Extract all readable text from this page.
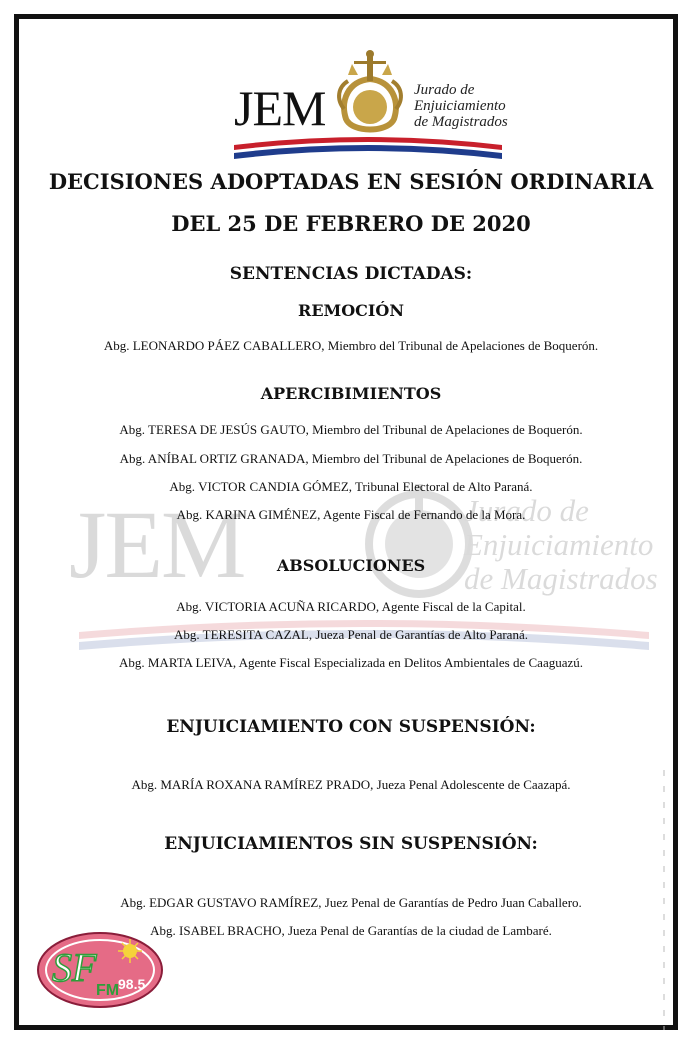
JEM	Jurado de
Enjuiciamiento
de Magistrados
JEM	Jurado de
Enjuiciamiento
de Magistrados
DECISIONES ADOPTADAS EN SESIÓN ORDINARIA
DEL 25 DE FEBRERO DE 2020
SENTENCIAS DICTADAS:
REMOCIÓN
Abg. LEONARDO PÁEZ CABALLERO, Miembro del Tribunal de Apelaciones de Boquerón.
APERCIBIMIENTOS
Abg. TERESA DE JESÚS GAUTO, Miembro del Tribunal de Apelaciones de Boquerón.
Abg. ANÍBAL ORTIZ GRANADA, Miembro del Tribunal de Apelaciones de Boquerón.
Abg. VICTOR CANDIA GÓMEZ, Tribunal Electoral de Alto Paraná.
Abg. KARINA GIMÉNEZ, Agente Fiscal de Fernando de la Mora.
ABSOLUCIONES
Abg. VICTORIA ACUÑA RICARDO, Agente Fiscal de la Capital.
Abg. TERESITA CAZAL, Jueza Penal de Garantías de Alto Paraná.
Abg. MARTA LEIVA, Agente Fiscal Especializada en Delitos Ambientales de Caaguazú.
ENJUICIAMIENTO CON SUSPENSIÓN:
Abg. MARÍA ROXANA RAMÍREZ PRADO, Jueza Penal Adolescente de Caazapá.
ENJUICIAMIENTOS SIN SUSPENSIÓN:
Abg. EDGAR GUSTAVO RAMÍREZ, Juez Penal de Garantías de Pedro Juan Caballero.
Abg. ISABEL BRACHO, Jueza Penal de Garantías de la ciudad de Lambaré.
SF
FM
98.5
